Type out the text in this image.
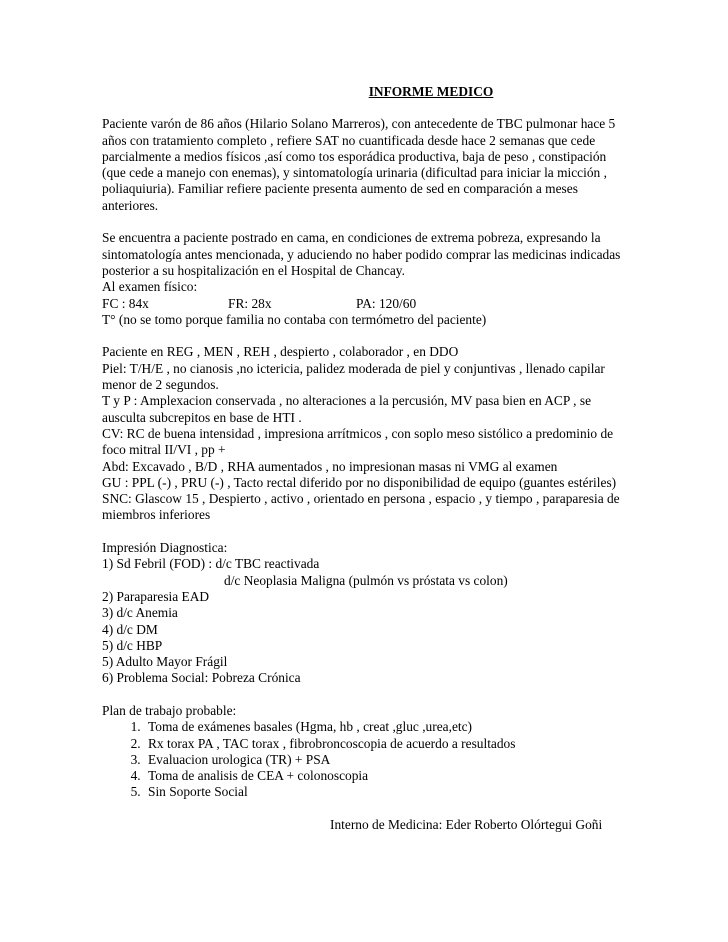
INFORME MEDICO

Paciente varón de 86 años (Hilario Solano Marreros), con antecedente de TBC pulmonar hace 5 años con tratamiento completo , refiere SAT no cuantificada desde hace 2 semanas que cede parcialmente a medios físicos ,así como tos esporádica productiva, baja de peso , constipación (que cede a manejo con enemas), y sintomatología urinaria (dificultad para iniciar la micción , poliaquiuria). Familiar refiere paciente presenta aumento de sed en comparación a meses anteriores.

Se encuentra a paciente postrado en cama, en condiciones de extrema pobreza, expresando la sintomatología antes mencionada, y aduciendo no haber podido comprar las medicinas indicadas posterior a su hospitalización en el Hospital de Chancay.

Al examen físico:

FC : 84x	FR: 28x	PA: 120/60

T° (no se tomo porque familia no contaba con termómetro del paciente)

Paciente en REG , MEN , REH , despierto , colaborador , en DDO

Piel: T/H/E , no cianosis ,no ictericia, palidez moderada de piel y conjuntivas , llenado capilar menor de 2 segundos.

T y P : Amplexacion conservada , no alteraciones a la percusión, MV pasa bien en ACP , se ausculta subcrepitos en base de HTI .

CV: RC de buena intensidad , impresiona arrítmicos , con soplo meso sistólico a predominio de foco mitral II/VI , pp +

Abd: Excavado , B/D , RHA aumentados , no impresionan masas ni VMG al examen

GU : PPL (-) , PRU (-) , Tacto rectal diferido por no disponibilidad de equipo (guantes estériles)

SNC: Glascow 15 , Despierto , activo , orientado en persona , espacio , y tiempo , paraparesia de miembros inferiores

Impresión Diagnostica:

1) Sd Febril (FOD) : d/c TBC reactivada

d/c Neoplasia Maligna (pulmón vs próstata vs colon)

2) Paraparesia EAD

3) d/c Anemia

4) d/c DM

5) d/c HBP

5) Adulto Mayor Frágil

6) Problema Social: Pobreza Crónica

Plan de trabajo probable:

1. Toma de exámenes basales (Hgma, hb , creat ,gluc ,urea,etc)
2. Rx torax PA , TAC torax , fibrobroncoscopia de acuerdo a resultados
3. Evaluacion urologica (TR) + PSA
4. Toma de analisis de CEA + colonoscopia
5. Sin Soporte Social

Interno de Medicina: Eder Roberto Olórtegui Goñi
